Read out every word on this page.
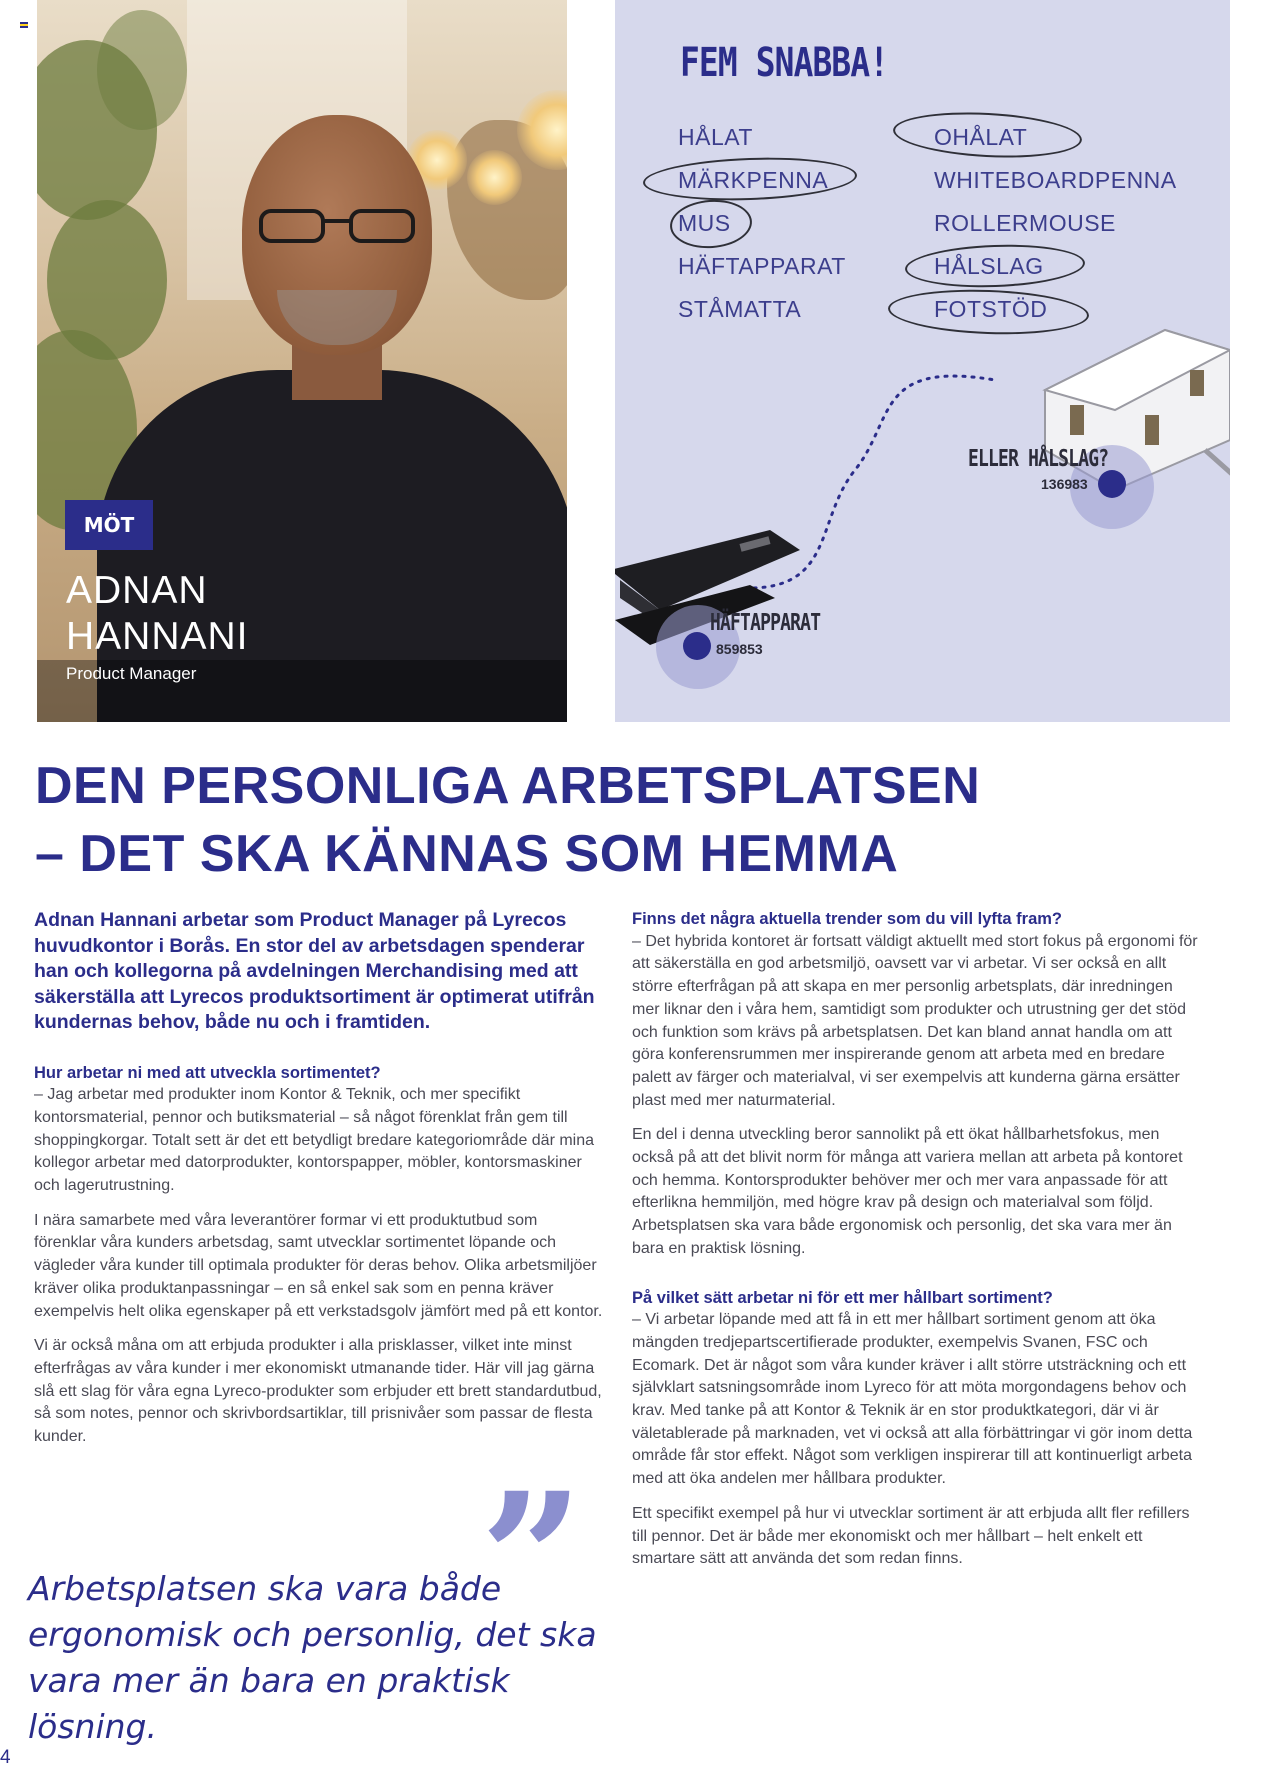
MÖT
ADNAN
HANNANI
Product Manager
FEM SNABBA!
HÅLAT
MÄRKPENNA
MUS
HÄFTAPPARAT
STÅMATTA
OHÅLAT
WHITEBOARDPENNA
ROLLERMOUSE
HÅLSLAG
FOTSTÖD
ELLER HÅLSLAG?
136983
HÄFTAPPARAT
859853
DEN PERSONLIGA ARBETSPLATSEN
– DET SKA KÄNNAS SOM HEMMA

Adnan Hannani arbetar som Product Manager på Lyrecos huvudkontor i Borås. En stor del av arbetsdagen spenderar han och kollegorna på avdelningen Merchandising med att säkerställa att Lyrecos produktsortiment är optimerat utifrån kundernas behov, både nu och i framtiden.

Hur arbetar ni med att utveckla sortimentet?

– Jag arbetar med produkter inom Kontor & Teknik, och mer specifikt kontorsmaterial, pennor och butiksmaterial – så något förenklat från gem till shoppingkorgar. Totalt sett är det ett betydligt bredare kategoriområde där mina kollegor arbetar med datorprodukter, kontorspapper, möbler, kontorsmaskiner och lagerutrustning.

I nära samarbete med våra leverantörer formar vi ett produktutbud som förenklar våra kunders arbetsdag, samt utvecklar sortimentet löpande och vägleder våra kunder till optimala produkter för deras behov. Olika arbetsmiljöer kräver olika produktanpassningar – en så enkel sak som en penna kräver exempelvis helt olika egenskaper på ett verkstadsgolv jämfört med på ett kontor.

Vi är också måna om att erbjuda produkter i alla prisklasser, vilket inte minst efterfrågas av våra kunder i mer ekonomiskt utmanande tider. Här vill jag gärna slå ett slag för våra egna Lyreco-produkter som erbjuder ett brett standardutbud, så som notes, pennor och skrivbordsartiklar, till prisnivåer som passar de flesta kunder.

Finns det några aktuella trender som du vill lyfta fram?

– Det hybrida kontoret är fortsatt väldigt aktuellt med stort fokus på ergonomi för att säkerställa en god arbetsmiljö, oavsett var vi arbetar. Vi ser också en allt större efterfrågan på att skapa en mer personlig arbetsplats, där inredningen mer liknar den i våra hem, samtidigt som produkter och utrustning ger det stöd och funktion som krävs på arbetsplatsen. Det kan bland annat handla om att göra konferensrummen mer inspirerande genom att arbeta med en bredare palett av färger och materialval, vi ser exempelvis att kunderna gärna ersätter plast med mer naturmaterial.

En del i denna utveckling beror sannolikt på ett ökat hållbarhetsfokus, men också på att det blivit norm för många att variera mellan att arbeta på kontoret och hemma. Kontorsprodukter behöver mer och mer vara anpassade för att efterlikna hemmiljön, med högre krav på design och materialval som följd. Arbetsplatsen ska vara både ergonomisk och personlig, det ska vara mer än bara en praktisk lösning.

På vilket sätt arbetar ni för ett mer hållbart sortiment?

– Vi arbetar löpande med att få in ett mer hållbart sortiment genom att öka mängden tredjepartscertifierade produkter, exempelvis Svanen, FSC och Ecomark. Det är något som våra kunder kräver i allt större utsträckning och ett självklart satsningsområde inom Lyreco för att möta morgondagens behov och krav. Med tanke på att Kontor & Teknik är en stor produktkategori, där vi är väletablerade på marknaden, vet vi också att alla förbättringar vi gör inom detta område får stor effekt. Något som verkligen inspirerar till att kontinuerligt arbeta med att öka andelen mer hållbara produkter.

Ett specifikt exempel på hur vi utvecklar sortiment är att erbjuda allt fler refillers till pennor. Det är både mer ekonomiskt och mer hållbart – helt enkelt ett smartare sätt att använda det som redan finns.

”
Arbetsplatsen ska vara både
ergonomisk och personlig, det ska
vara mer än bara en praktisk lösning.
4
